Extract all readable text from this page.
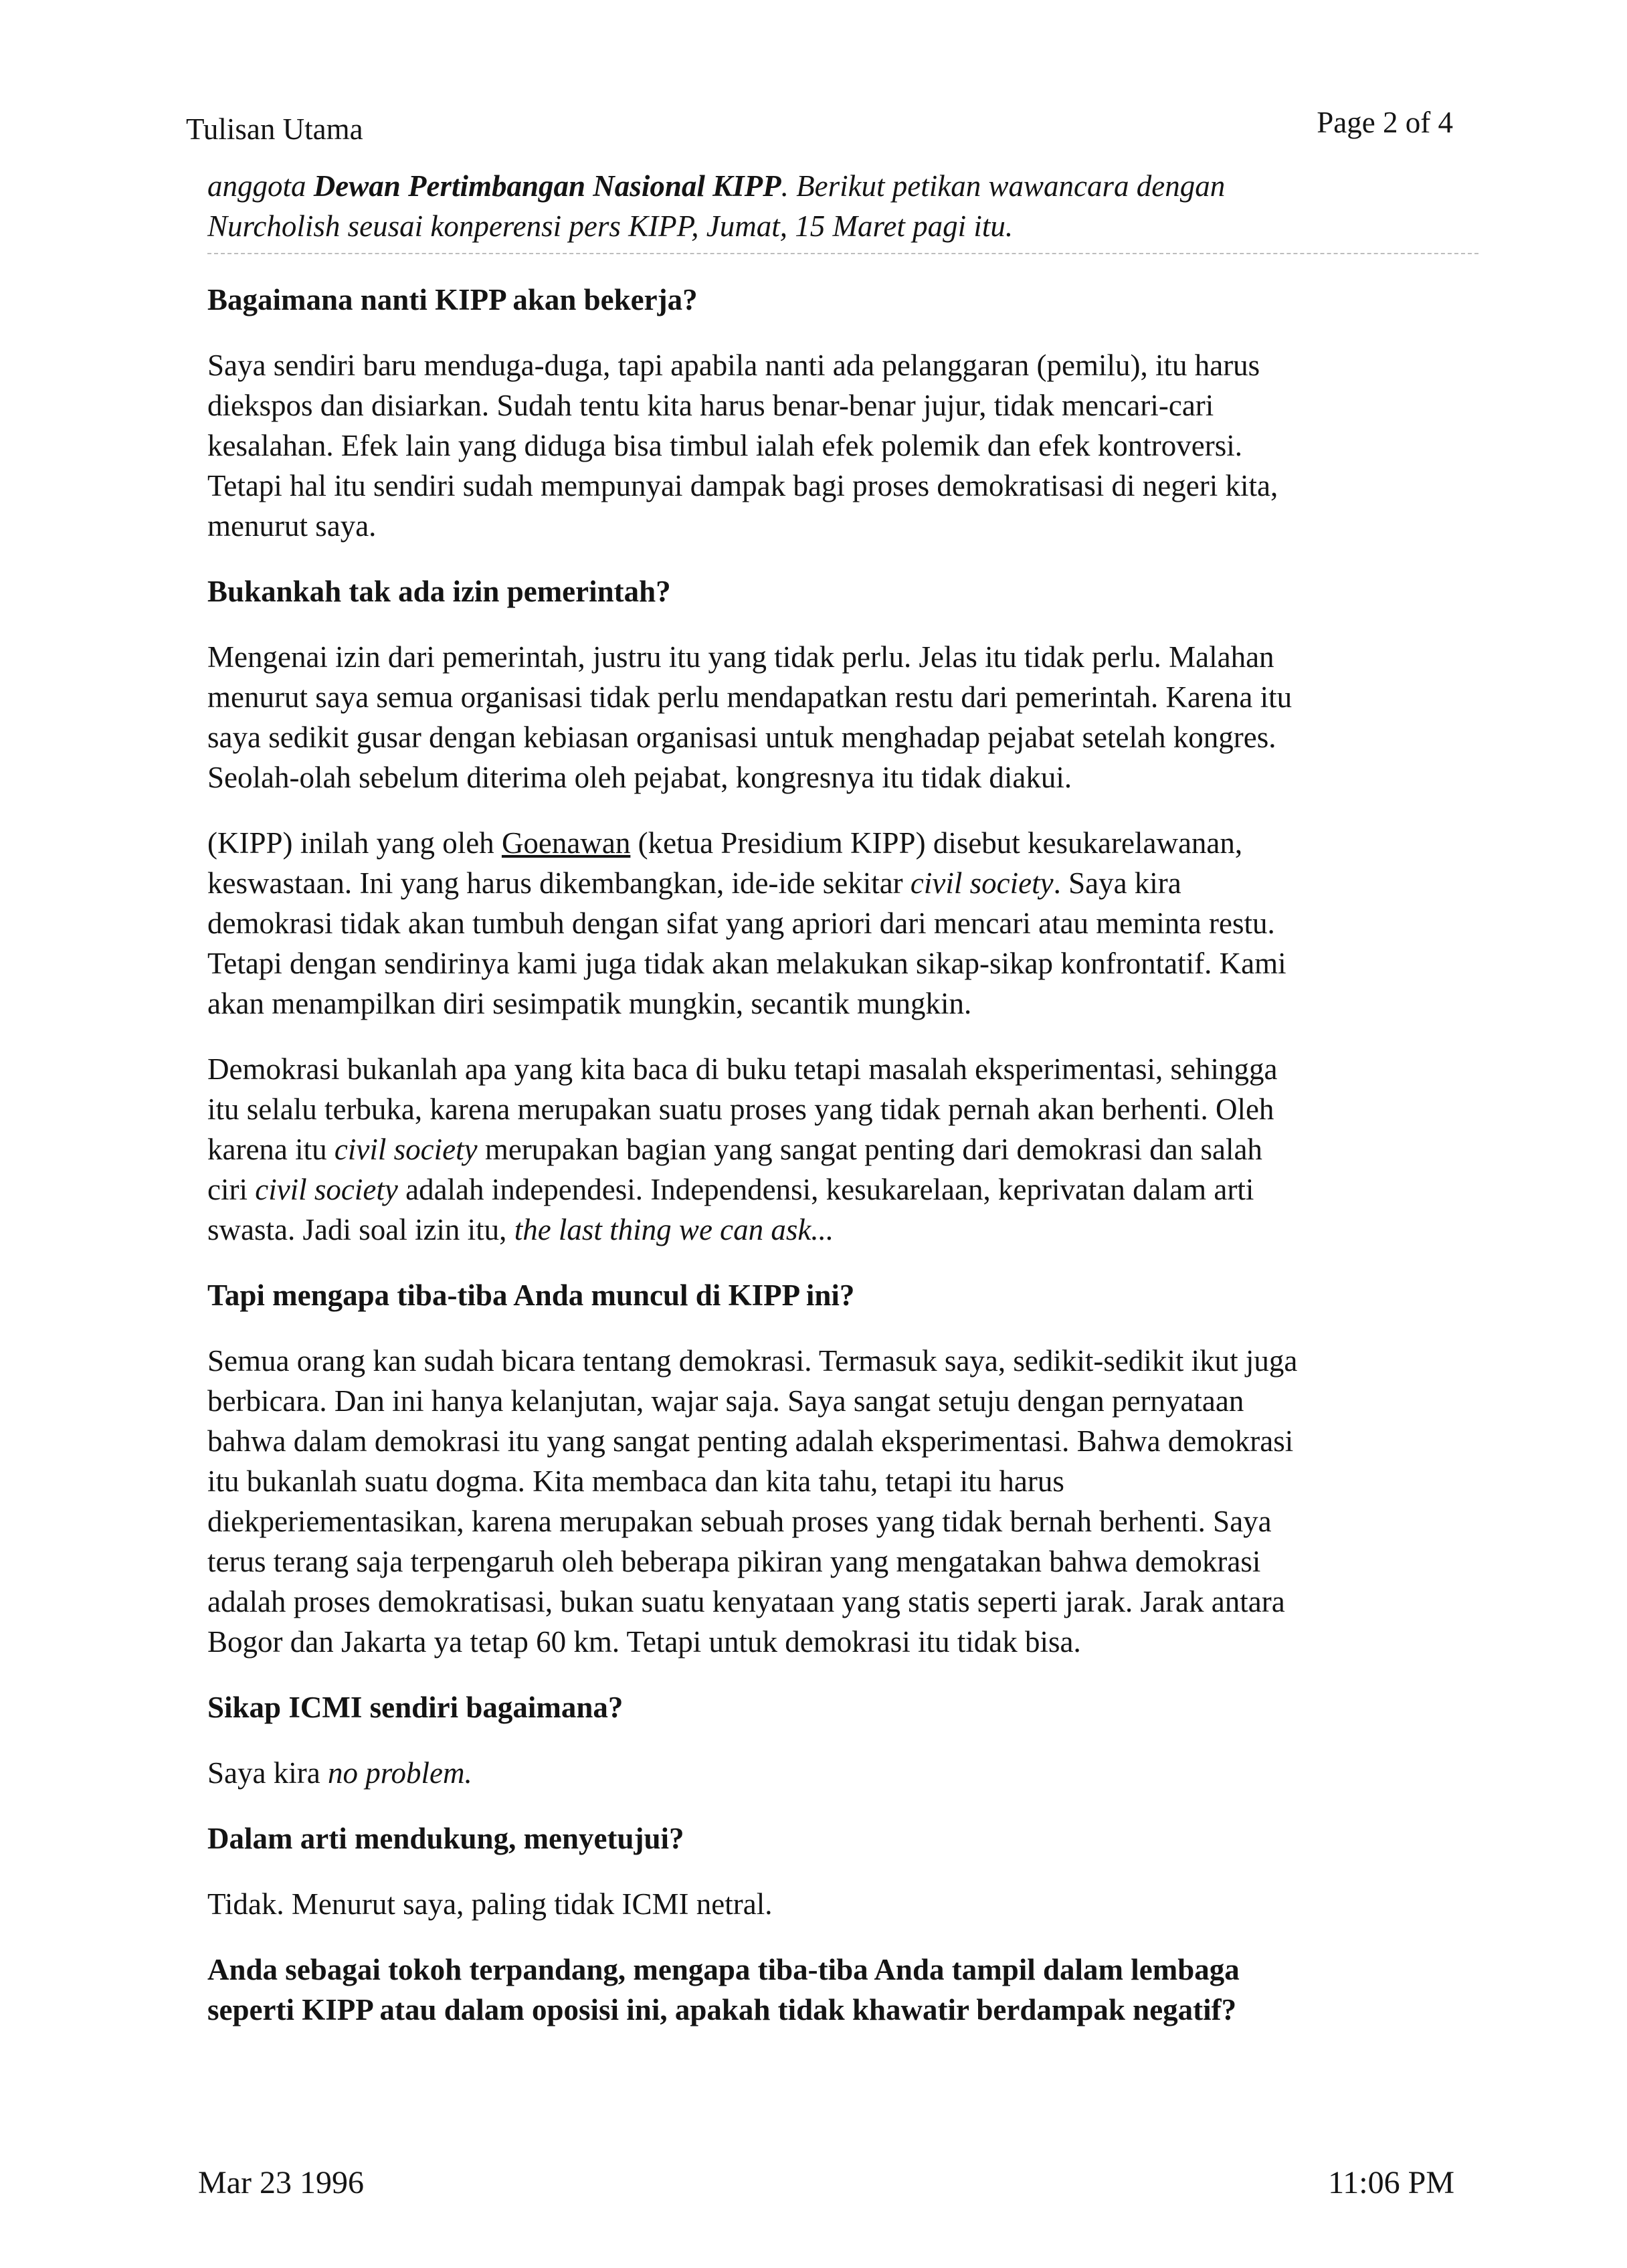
Tulisan Utama	Page 2 of 4

anggota Dewan Pertimbangan Nasional KIPP. Berikut petikan wawancara dengan
Nurcholish seusai konperensi pers KIPP, Jumat, 15 Maret pagi itu.

Bagaimana nanti KIPP akan bekerja?

Saya sendiri baru menduga-duga, tapi apabila nanti ada pelanggaran (pemilu), itu harus
diekspos dan disiarkan. Sudah tentu kita harus benar-benar jujur, tidak mencari-cari
kesalahan. Efek lain yang diduga bisa timbul ialah efek polemik dan efek kontroversi.
Tetapi hal itu sendiri sudah mempunyai dampak bagi proses demokratisasi di negeri kita,
menurut saya.

Bukankah tak ada izin pemerintah?

Mengenai izin dari pemerintah, justru itu yang tidak perlu. Jelas itu tidak perlu. Malahan
menurut saya semua organisasi tidak perlu mendapatkan restu dari pemerintah. Karena itu
saya sedikit gusar dengan kebiasan organisasi untuk menghadap pejabat setelah kongres.
Seolah-olah sebelum diterima oleh pejabat, kongresnya itu tidak diakui.

(KIPP) inilah yang oleh Goenawan (ketua Presidium KIPP) disebut kesukarelawanan,
keswastaan. Ini yang harus dikembangkan, ide-ide sekitar civil society. Saya kira
demokrasi tidak akan tumbuh dengan sifat yang apriori dari mencari atau meminta restu.
Tetapi dengan sendirinya kami juga tidak akan melakukan sikap-sikap konfrontatif. Kami
akan menampilkan diri sesimpatik mungkin, secantik mungkin.

Demokrasi bukanlah apa yang kita baca di buku tetapi masalah eksperimentasi, sehingga
itu selalu terbuka, karena merupakan suatu proses yang tidak pernah akan berhenti. Oleh
karena itu civil society merupakan bagian yang sangat penting dari demokrasi dan salah
ciri civil society adalah independesi. Independensi, kesukarelaan, keprivatan dalam arti
swasta. Jadi soal izin itu, the last thing we can ask...

Tapi mengapa tiba-tiba Anda muncul di KIPP ini?

Semua orang kan sudah bicara tentang demokrasi. Termasuk saya, sedikit-sedikit ikut juga
berbicara. Dan ini hanya kelanjutan, wajar saja. Saya sangat setuju dengan pernyataan
bahwa dalam demokrasi itu yang sangat penting adalah eksperimentasi. Bahwa demokrasi
itu bukanlah suatu dogma. Kita membaca dan kita tahu, tetapi itu harus
diekperiementasikan, karena merupakan sebuah proses yang tidak bernah berhenti. Saya
terus terang saja terpengaruh oleh beberapa pikiran yang mengatakan bahwa demokrasi
adalah proses demokratisasi, bukan suatu kenyataan yang statis seperti jarak. Jarak antara
Bogor dan Jakarta ya tetap 60 km. Tetapi untuk demokrasi itu tidak bisa.

Sikap ICMI sendiri bagaimana?

Saya kira no problem.

Dalam arti mendukung, menyetujui?

Tidak. Menurut saya, paling tidak ICMI netral.

Anda sebagai tokoh terpandang, mengapa tiba-tiba Anda tampil dalam lembaga
seperti KIPP atau dalam oposisi ini, apakah tidak khawatir berdampak negatif?

Mar 23 1996	11:06 PM
